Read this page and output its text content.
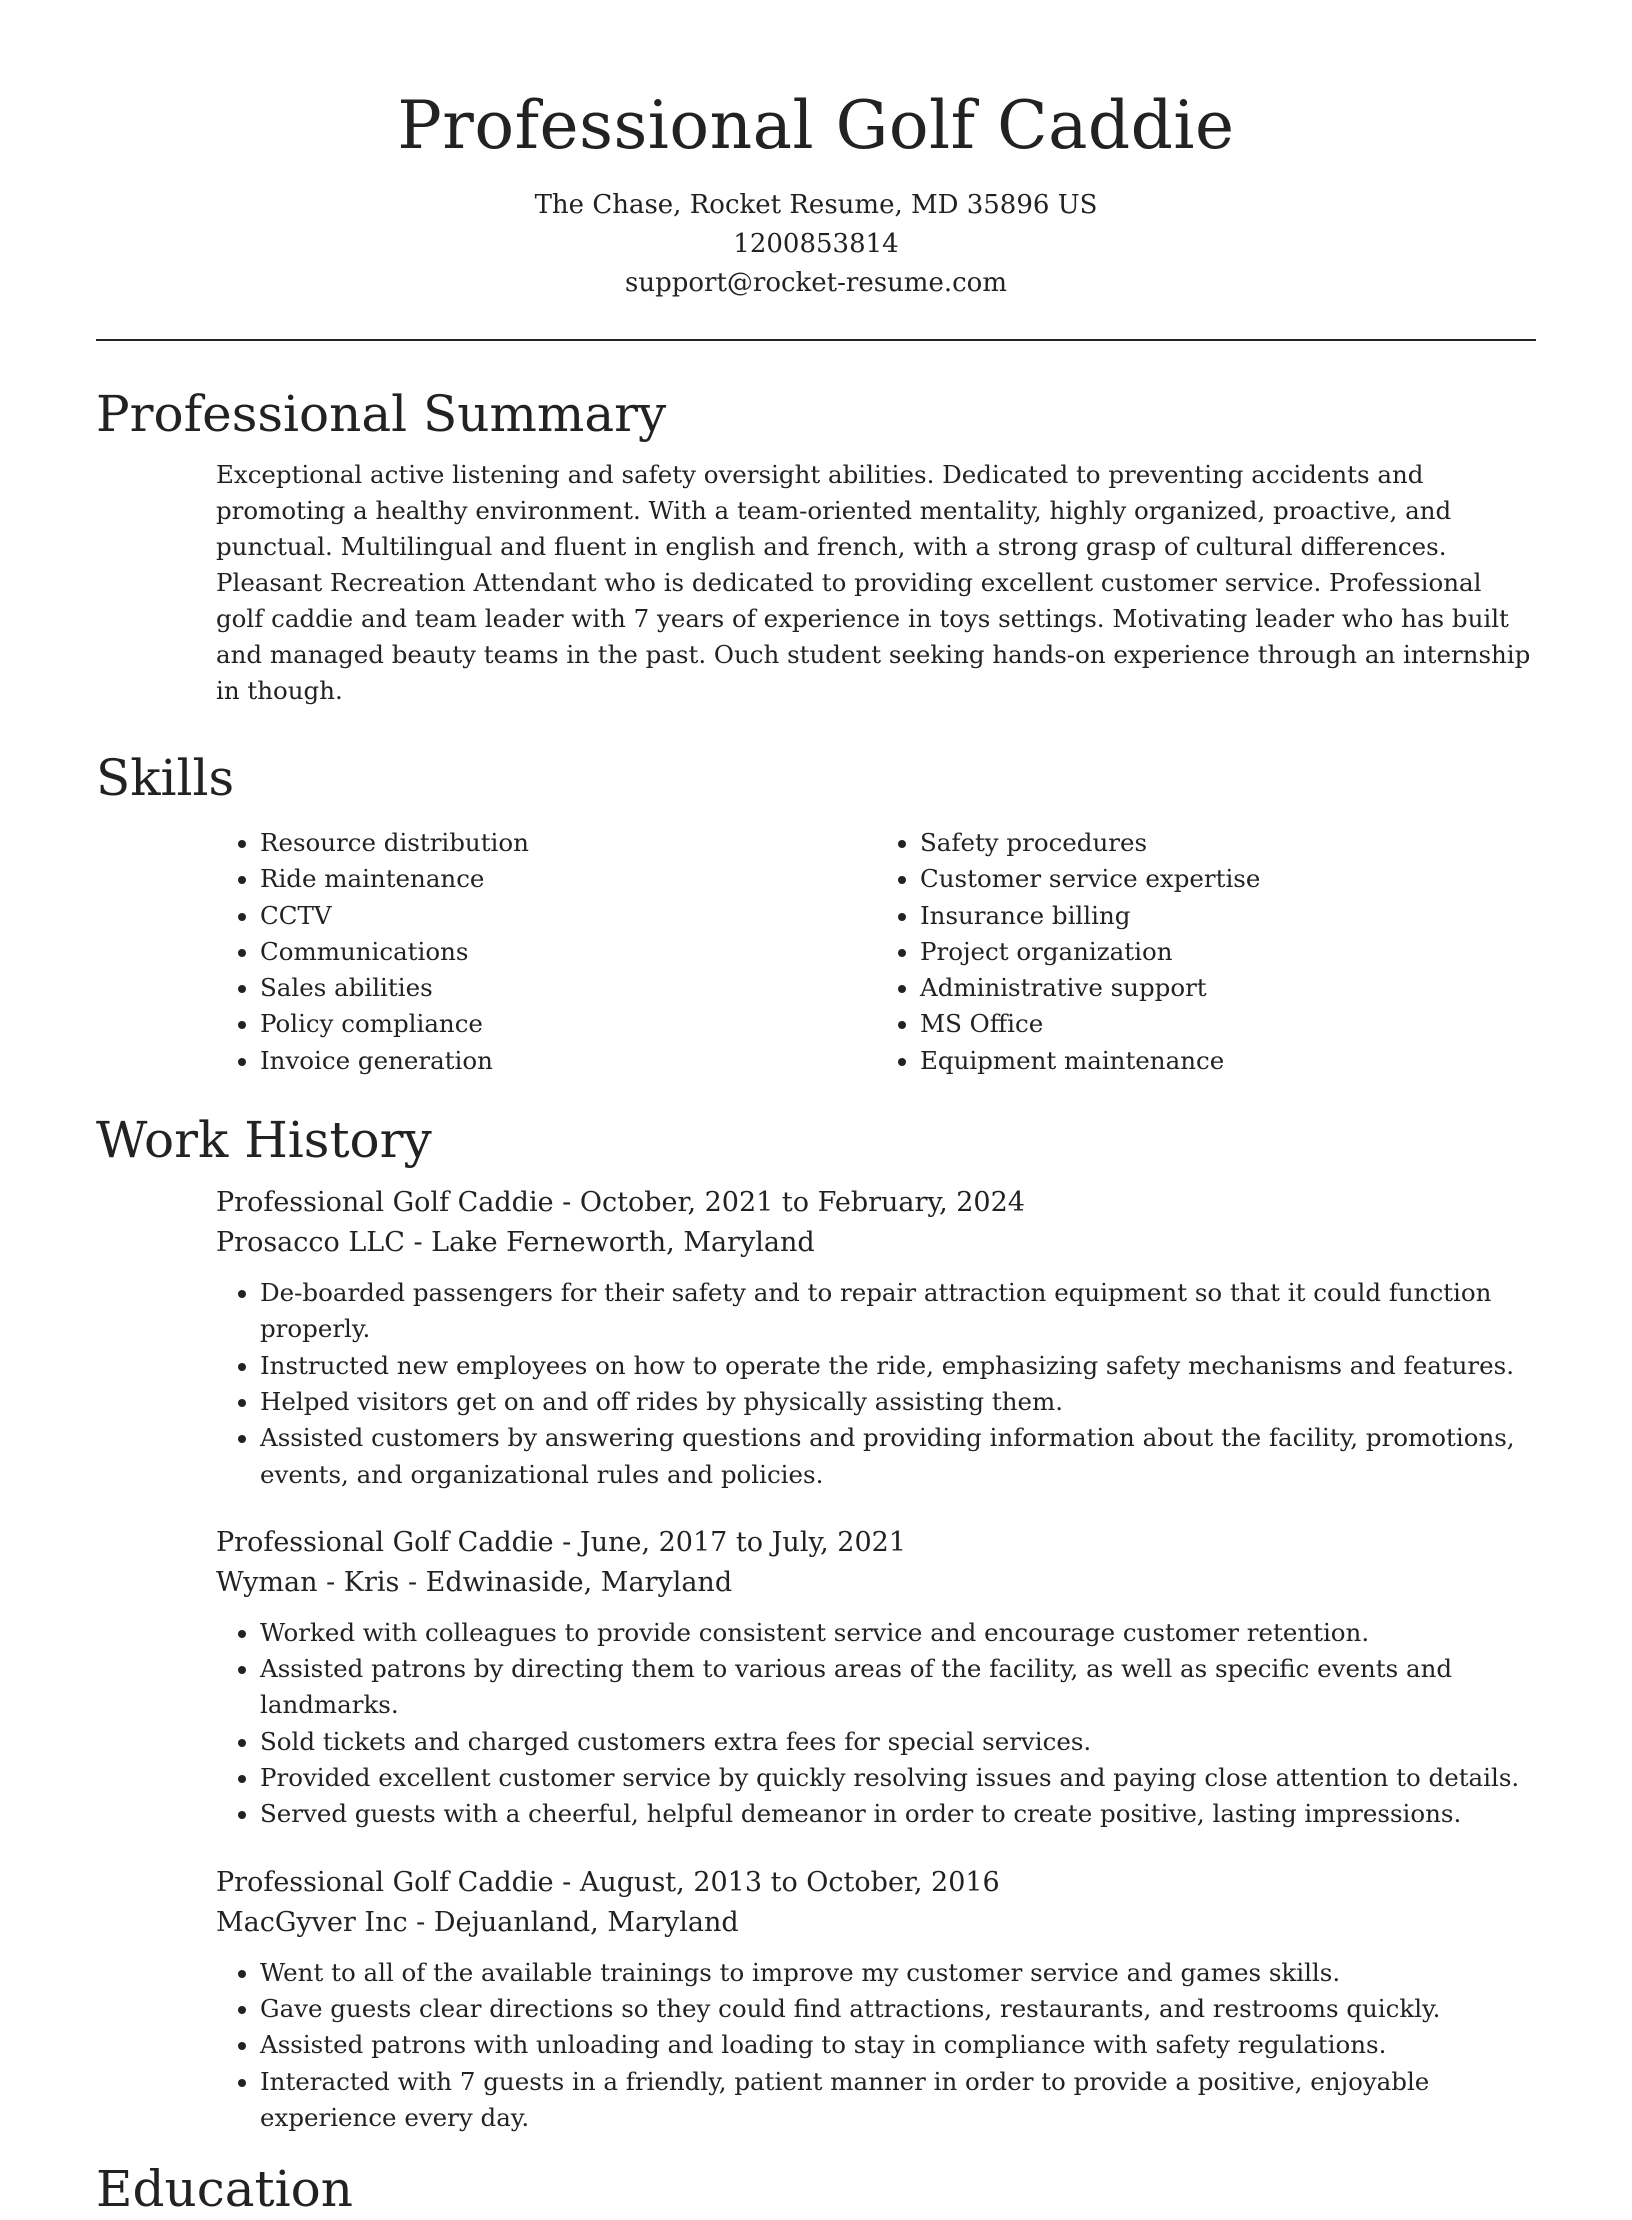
Professional Golf Caddie
The Chase, Rocket Resume, MD 35896 US
1200853814
support@rocket-resume.com
Professional Summary
Exceptional active listening and safety oversight abilities. Dedicated to preventing accidents and promoting a healthy environment. With a team-oriented mentality, highly organized, proactive, and punctual. Multilingual and fluent in english and french, with a strong grasp of cultural differences. Pleasant Recreation Attendant who is dedicated to providing excellent customer service. Professional golf caddie and team leader with 7 years of experience in toys settings. Motivating leader who has built and managed beauty teams in the past. Ouch student seeking hands-on experience through an internship in though.
Skills
• Resource distribution
• Ride maintenance
• CCTV
• Communications
• Sales abilities
• Policy compliance
• Invoice generation
• Safety procedures
• Customer service expertise
• Insurance billing
• Project organization
• Administrative support
• MS Office
• Equipment maintenance
Work History
Professional Golf Caddie - October, 2021 to February, 2024
Prosacco LLC - Lake Ferneworth, Maryland
• De-boarded passengers for their safety and to repair attraction equipment so that it could function properly.
• Instructed new employees on how to operate the ride, emphasizing safety mechanisms and features.
• Helped visitors get on and off rides by physically assisting them.
• Assisted customers by answering questions and providing information about the facility, promotions, events, and organizational rules and policies.
Professional Golf Caddie - June, 2017 to July, 2021
Wyman - Kris - Edwinaside, Maryland
• Worked with colleagues to provide consistent service and encourage customer retention.
• Assisted patrons by directing them to various areas of the facility, as well as specific events and landmarks.
• Sold tickets and charged customers extra fees for special services.
• Provided excellent customer service by quickly resolving issues and paying close attention to details.
• Served guests with a cheerful, helpful demeanor in order to create positive, lasting impressions.
Professional Golf Caddie - August, 2013 to October, 2016
MacGyver Inc - Dejuanland, Maryland
• Went to all of the available trainings to improve my customer service and games skills.
• Gave guests clear directions so they could find attractions, restaurants, and restrooms quickly.
• Assisted patrons with unloading and loading to stay in compliance with safety regulations.
• Interacted with 7 guests in a friendly, patient manner in order to provide a positive, enjoyable experience every day.
Education
